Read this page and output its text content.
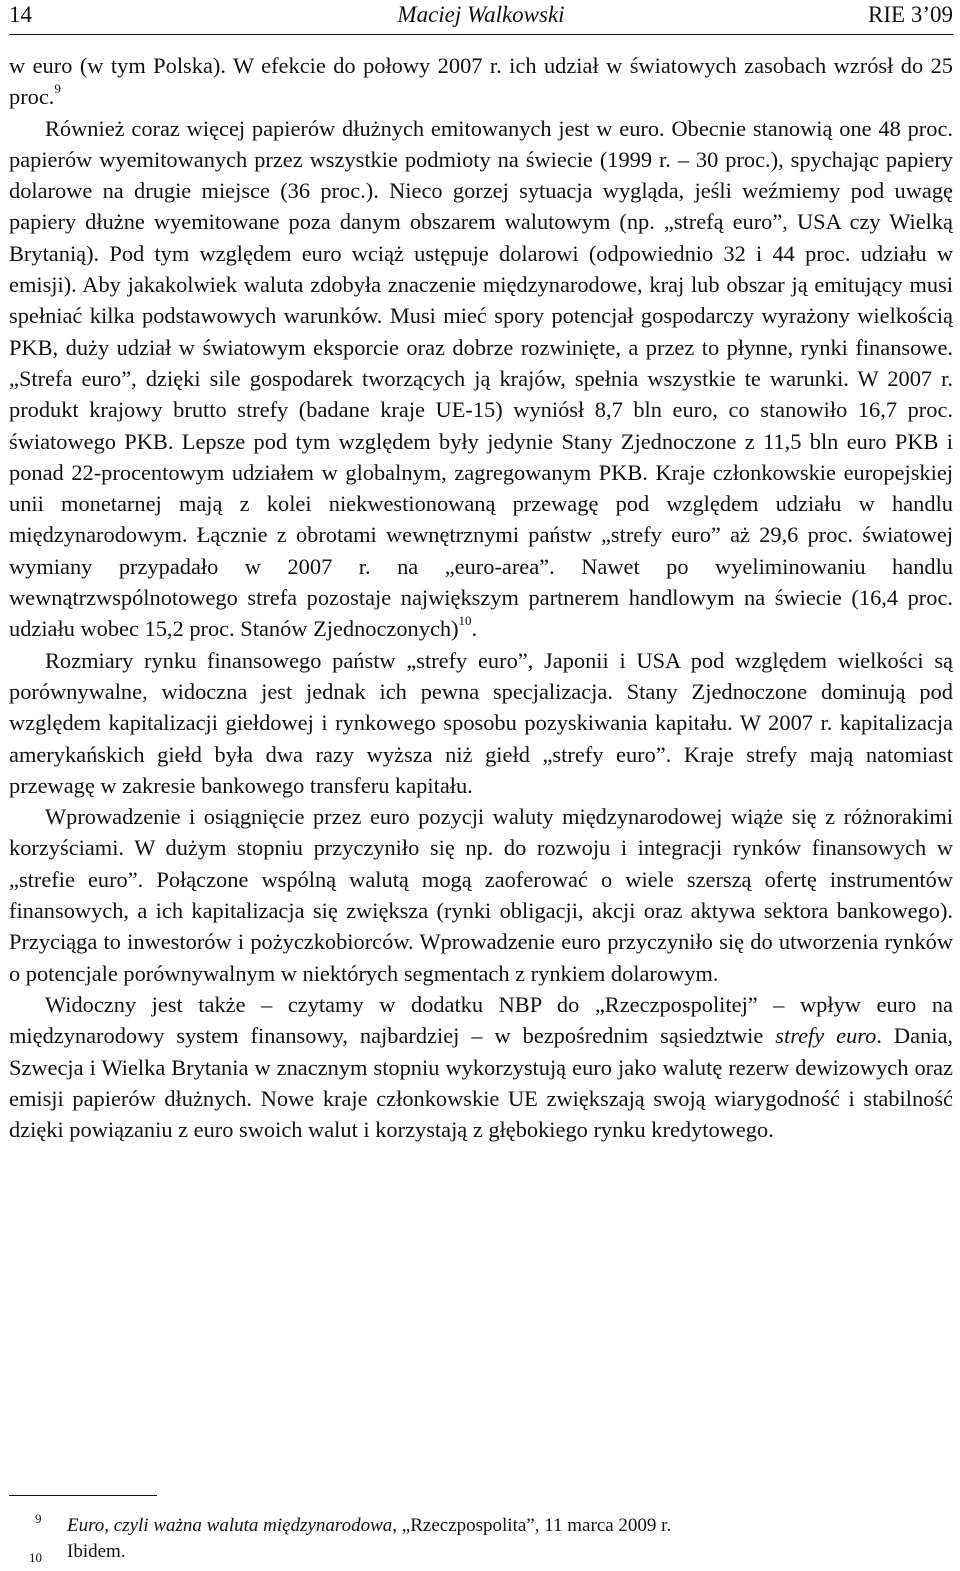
14	Maciej Walkowski	RIE 3’09

w euro (w tym Polska). W efekcie do połowy 2007 r. ich udział w światowych zasobach wzrósł do 25 proc.$^9$

Również coraz więcej papierów dłużnych emitowanych jest w euro. Obecnie stanowią one 48 proc. papierów wyemitowanych przez wszystkie podmioty na świecie (1999 r. – 30 proc.), spychając papiery dolarowe na drugie miejsce (36 proc.). Nieco gorzej sytuacja wygląda, jeśli weźmiemy pod uwagę papiery dłużne wyemitowane poza danym obszarem walutowym (np. „strefą euro”, USA czy Wielką Brytanią). Pod tym względem euro wciąż ustępuje dolarowi (odpowiednio 32 i 44 proc. udziału w emisji). Aby jakakolwiek waluta zdobyła znaczenie międzynarodowe, kraj lub obszar ją emitujący musi spełniać kilka podstawowych warunków. Musi mieć spory potencjał gospodarczy wyrażony wielkością PKB, duży udział w światowym eksporcie oraz dobrze rozwinięte, a przez to płynne, rynki finansowe. „Strefa euro”, dzięki sile gospodarek tworzących ją krajów, spełnia wszystkie te warunki. W 2007 r. produkt krajowy brutto strefy (badane kraje UE-15) wyniósł 8,7 bln euro, co stanowiło 16,7 proc. światowego PKB. Lepsze pod tym względem były jedynie Stany Zjednoczone z 11,5 bln euro PKB i ponad 22-procentowym udziałem w globalnym, zagregowanym PKB. Kraje członkowskie europejskiej unii monetarnej mają z kolei niekwestionowaną przewagę pod względem udziału w handlu międzynarodowym. Łącznie z obrotami wewnętrznymi państw „strefy euro” aż 29,6 proc. światowej wymiany przypadało w 2007 r. na „euro-area”. Nawet po wyeliminowaniu handlu wewnątrzwspólnotowego strefa pozostaje największym partnerem handlowym na świecie (16,4 proc. udziału wobec 15,2 proc. Stanów Zjednoczonych)$^{10}$.

Rozmiary rynku finansowego państw „strefy euro”, Japonii i USA pod względem wielkości są porównywalne, widoczna jest jednak ich pewna specjalizacja. Stany Zjednoczone dominują pod względem kapitalizacji giełdowej i rynkowego sposobu pozyskiwania kapitału. W 2007 r. kapitalizacja amerykańskich giełd była dwa razy wyższa niż giełd „strefy euro”. Kraje strefy mają natomiast przewagę w zakresie bankowego transferu kapitału.

Wprowadzenie i osiągnięcie przez euro pozycji waluty międzynarodowej wiąże się z różnorakimi korzyściami. W dużym stopniu przyczyniło się np. do rozwoju i integracji rynków finansowych w „strefie euro”. Połączone wspólną walutą mogą zaoferować o wiele szerszą ofertę instrumentów finansowych, a ich kapitalizacja się zwiększa (rynki obligacji, akcji oraz aktywa sektora bankowego). Przyciąga to inwestorów i pożyczkobiorców. Wprowadzenie euro przyczyniło się do utworzenia rynków o potencjale porównywalnym w niektórych segmentach z rynkiem dolarowym.

Widoczny jest także – czytamy w dodatku NBP do „Rzeczpospolitej” – wpływ euro na międzynarodowy system finansowy, najbardziej – w bezpośrednim sąsiedztwie strefy euro. Dania, Szwecja i Wielka Brytania w znacznym stopniu wykorzystują euro jako walutę rezerw dewizowych oraz emisji papierów dłużnych. Nowe kraje członkowskie UE zwiększają swoją wiarygodność i stabilność dzięki powiązaniu z euro swoich walut i korzystają z głębokiego rynku kredytowego.

9 Euro, czyli ważna waluta międzynarodowa, „Rzeczpospolita”, 11 marca 2009 r.
10 Ibidem.
